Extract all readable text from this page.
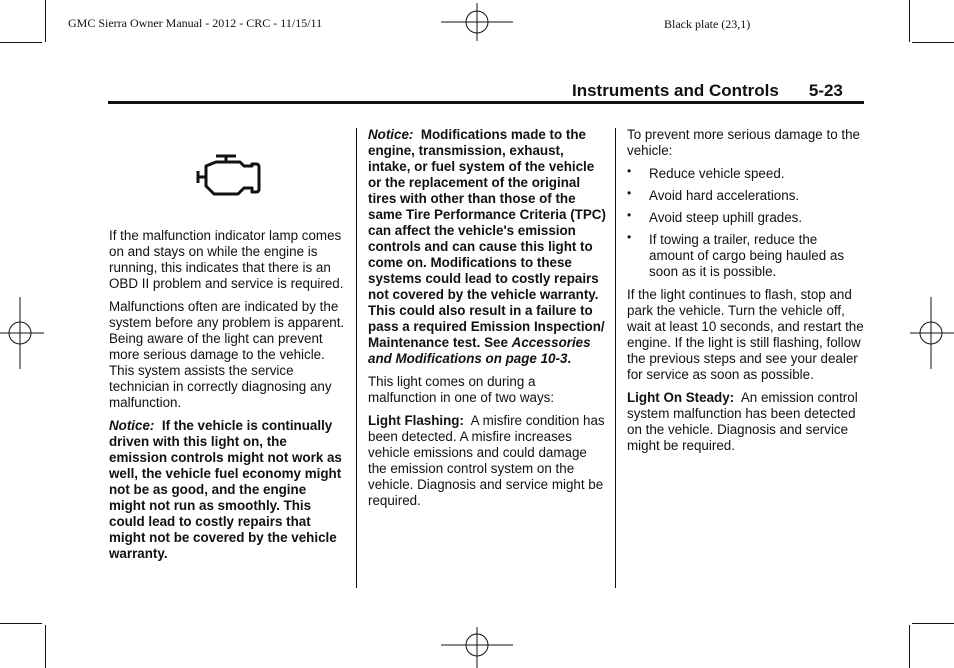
GMC Sierra Owner Manual - 2012 - CRC - 11/15/11	Black plate (23,1)
Instruments and Controls 5-23

If the malfunction indicator lamp comes on and stays on while the engine is running, this indicates that there is an OBD II problem and service is required.

Malfunctions often are indicated by the system before any problem is apparent. Being aware of the light can prevent more serious damage to the vehicle. This system assists the service technician in correctly diagnosing any malfunction.

Notice: If the vehicle is continually driven with this light on, the emission controls might not work as well, the vehicle fuel economy might not be as good, and the engine might not run as smoothly. This could lead to costly repairs that might not be covered by the vehicle warranty.

Notice: Modifications made to the engine, transmission, exhaust, intake, or fuel system of the vehicle or the replacement of the original tires with other than those of the same Tire Performance Criteria (TPC) can affect the vehicle's emission controls and can cause this light to come on. Modifications to these systems could lead to costly repairs not covered by the vehicle warranty. This could also result in a failure to pass a required Emission Inspection/ Maintenance test. See Accessories and Modifications on page 10-3.

This light comes on during a malfunction in one of two ways:

Light Flashing: A misfire condition has been detected. A misfire increases vehicle emissions and could damage the emission control system on the vehicle. Diagnosis and service might be required.

To prevent more serious damage to the vehicle:

• Reduce vehicle speed.
• Avoid hard accelerations.
• Avoid steep uphill grades.
• If towing a trailer, reduce the amount of cargo being hauled as soon as it is possible.

If the light continues to flash, stop and park the vehicle. Turn the vehicle off, wait at least 10 seconds, and restart the engine. If the light is still flashing, follow the previous steps and see your dealer for service as soon as possible.

Light On Steady: An emission control system malfunction has been detected on the vehicle. Diagnosis and service might be required.
